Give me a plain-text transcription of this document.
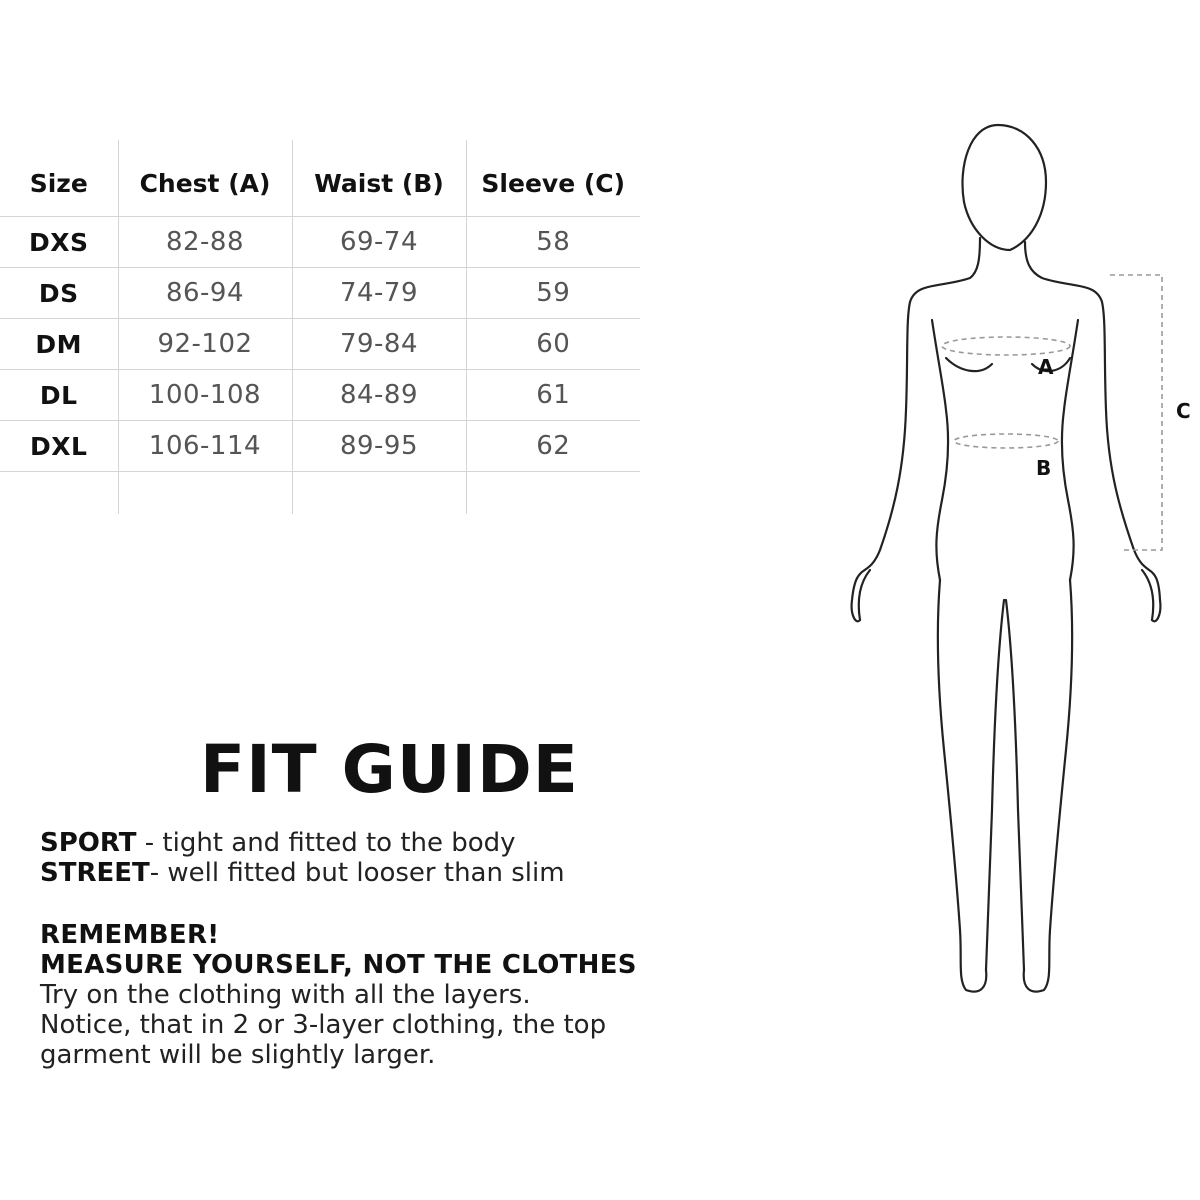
Size	Chest (A)	Waist (B)	Sleeve (C)
DXS	82-88	69-74	58
DS	86-94	74-79	59
DM	92-102	79-84	60
DL	100-108	84-89	61
DXL	106-114	89-95	62

FIT GUIDE

SPORT - tight and fitted to the body
STREET- well fitted but looser than slim

REMEMBER!
MEASURE YOURSELF, NOT THE CLOTHES
Try on the clothing with all the layers.
Notice, that in 2 or 3-layer clothing, the top
garment will be slightly larger.

A
B
C
